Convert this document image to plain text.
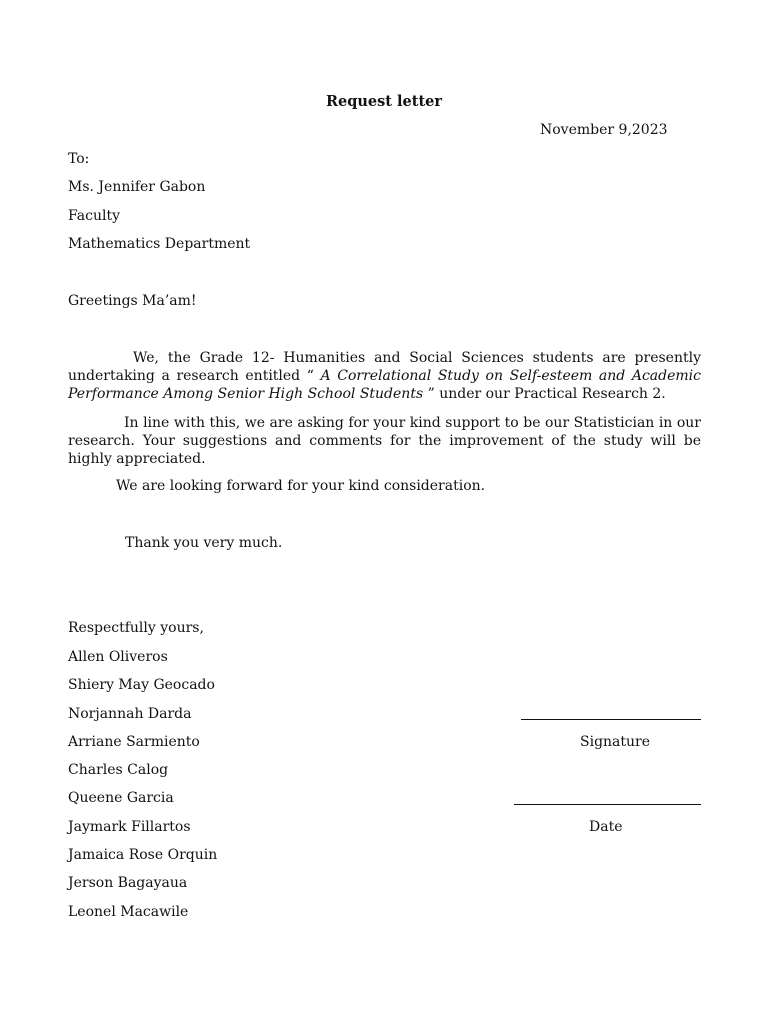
Request letter
November 9,2023
To:
Ms. Jennifer Gabon
Faculty
Mathematics Department
Greetings Ma’am!
We, the Grade 12- Humanities and Social Sciences students are presently undertaking a research entitled “ A Correlational Study on Self-esteem and Academic Performance Among Senior High School Students ” under our Practical Research 2.
In line with this, we are asking for your kind support to be our Statistician in our research. Your suggestions and comments for the improvement of the study will be highly appreciated.
We are looking forward for your kind consideration.
Thank you very much.
Respectfully yours,
Allen Oliveros
Shiery May Geocado
Norjannah Darda
Arriane Sarmiento
Charles Calog
Queene Garcia
Jaymark Fillartos
Jamaica Rose Orquin
Jerson Bagayaua
Leonel Macawile
Signature
Date
